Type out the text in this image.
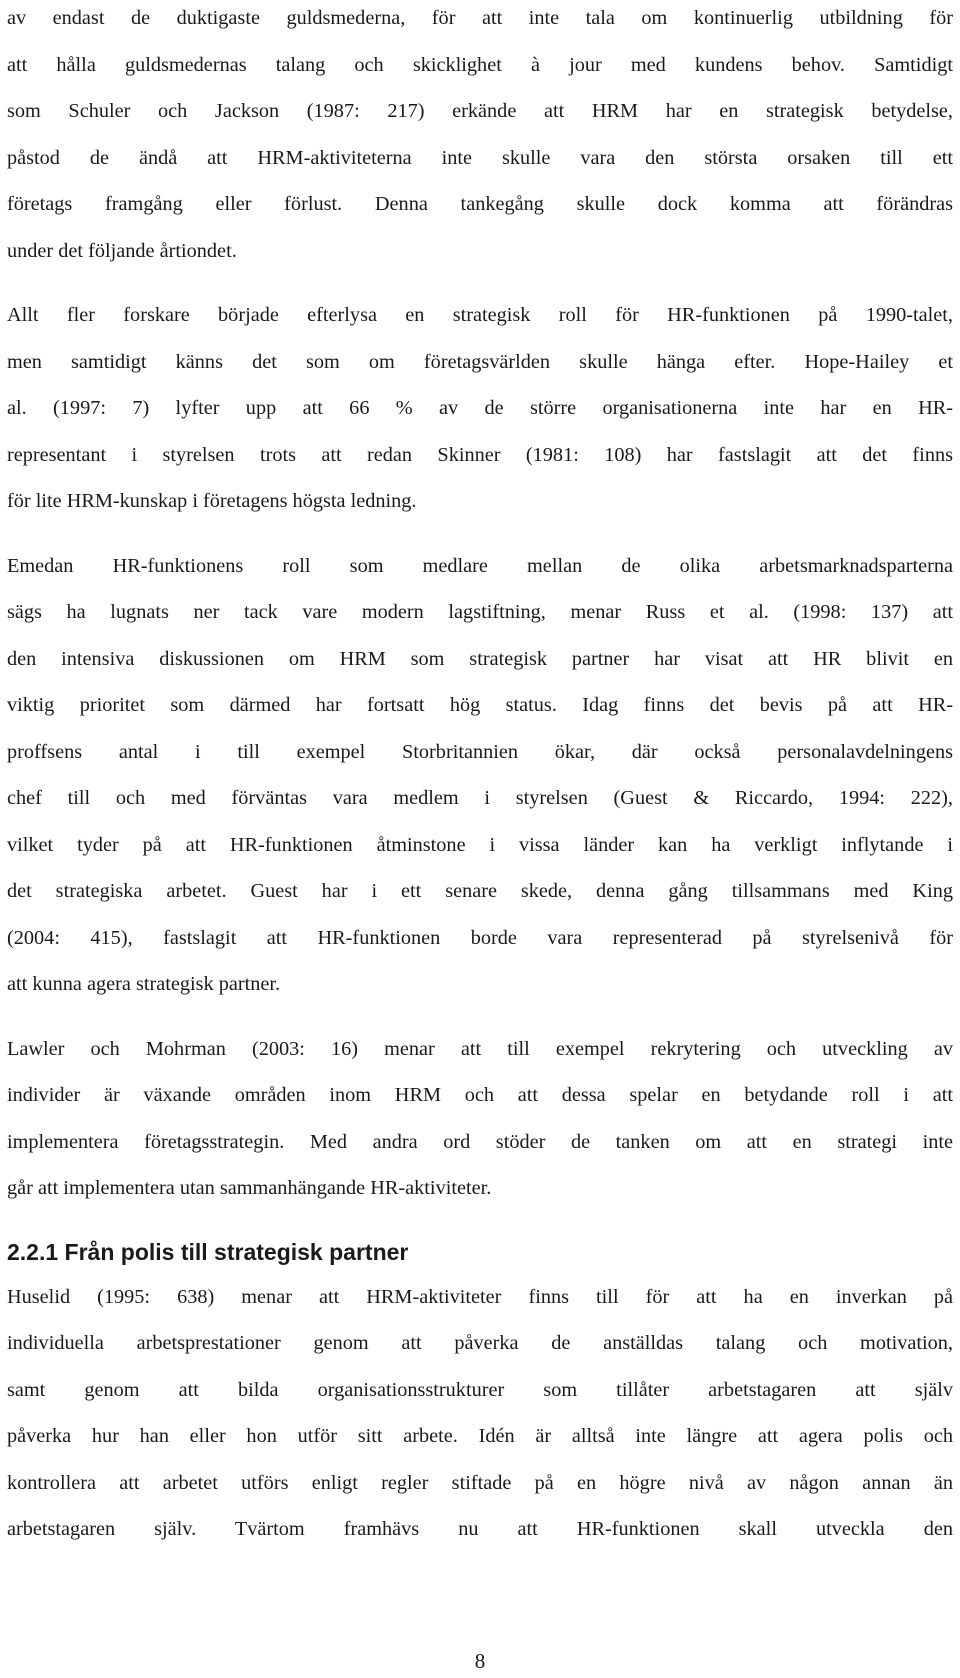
av endast de duktigaste guldsmederna, för att inte tala om kontinuerlig utbildning för
att hålla guldsmedernas talang och skicklighet à jour med kundens behov. Samtidigt
som Schuler och Jackson (1987: 217) erkände att HRM har en strategisk betydelse,
påstod de ändå att HRM-aktiviteterna inte skulle vara den största orsaken till ett
företags framgång eller förlust. Denna tankegång skulle dock komma att förändras
under det följande årtiondet.
Allt fler forskare började efterlysa en strategisk roll för HR-funktionen på 1990-talet,
men samtidigt känns det som om företagsvärlden skulle hänga efter. Hope-Hailey et
al. (1997: 7) lyfter upp att 66 % av de större organisationerna inte har en HR-
representant i styrelsen trots att redan Skinner (1981: 108) har fastslagit att det finns
för lite HRM-kunskap i företagens högsta ledning.
Emedan HR-funktionens roll som medlare mellan de olika arbetsmarknadsparterna
sägs ha lugnats ner tack vare modern lagstiftning, menar Russ et al. (1998: 137) att
den intensiva diskussionen om HRM som strategisk partner har visat att HR blivit en
viktig prioritet som därmed har fortsatt hög status. Idag finns det bevis på att HR-
proffsens antal i till exempel Storbritannien ökar, där också personalavdelningens
chef till och med förväntas vara medlem i styrelsen (Guest & Riccardo, 1994: 222),
vilket tyder på att HR-funktionen åtminstone i vissa länder kan ha verkligt inflytande i
det strategiska arbetet. Guest har i ett senare skede, denna gång tillsammans med King
(2004: 415), fastslagit att HR-funktionen borde vara representerad på styrelsenivå för
att kunna agera strategisk partner.
Lawler och Mohrman (2003: 16) menar att till exempel rekrytering och utveckling av
individer är växande områden inom HRM och att dessa spelar en betydande roll i att
implementera företagsstrategin. Med andra ord stöder de tanken om att en strategi inte
går att implementera utan sammanhängande HR-aktiviteter.
2.2.1 Från polis till strategisk partner
Huselid (1995: 638) menar att HRM-aktiviteter finns till för att ha en inverkan på
individuella arbetsprestationer genom att påverka de anställdas talang och motivation,
samt genom att bilda organisationsstrukturer som tillåter arbetstagaren att själv
påverka hur han eller hon utför sitt arbete. Idén är alltså inte längre att agera polis och
kontrollera att arbetet utförs enligt regler stiftade på en högre nivå av någon annan än
arbetstagaren själv. Tvärtom framhävs nu att HR-funktionen skall utveckla den
8
